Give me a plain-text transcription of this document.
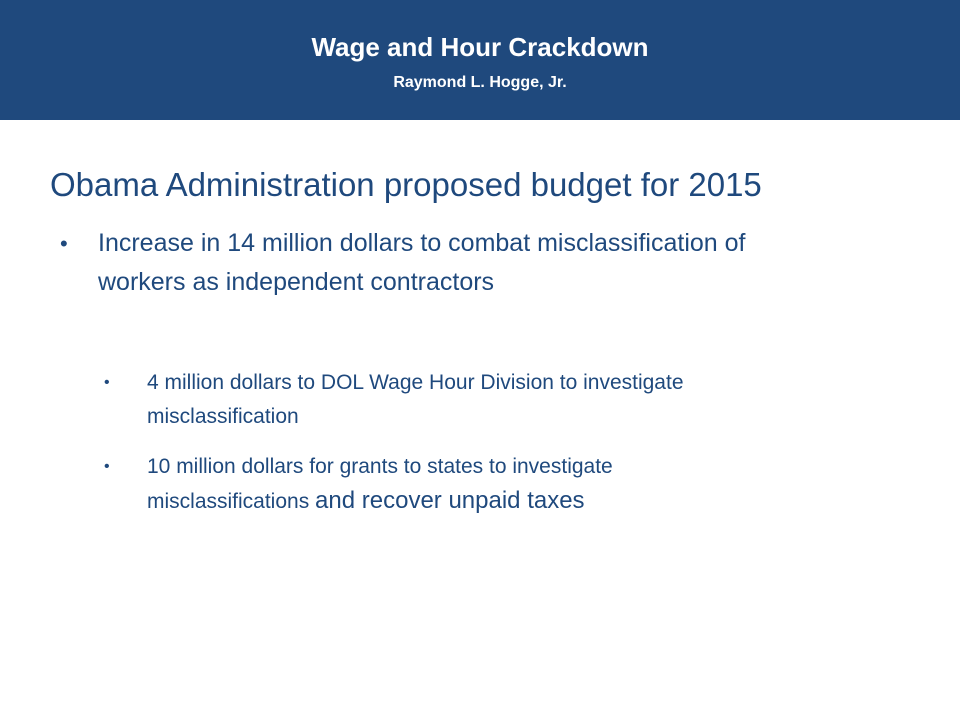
Wage and Hour Crackdown
Raymond L. Hogge, Jr.
Obama Administration proposed budget for 2015
• Increase in 14 million dollars to combat misclassification of workers as independent contractors
• 4 million dollars to DOL Wage Hour Division to investigate
misclassification
• 10 million dollars for grants to states to investigate
misclassifications and recover unpaid taxes
